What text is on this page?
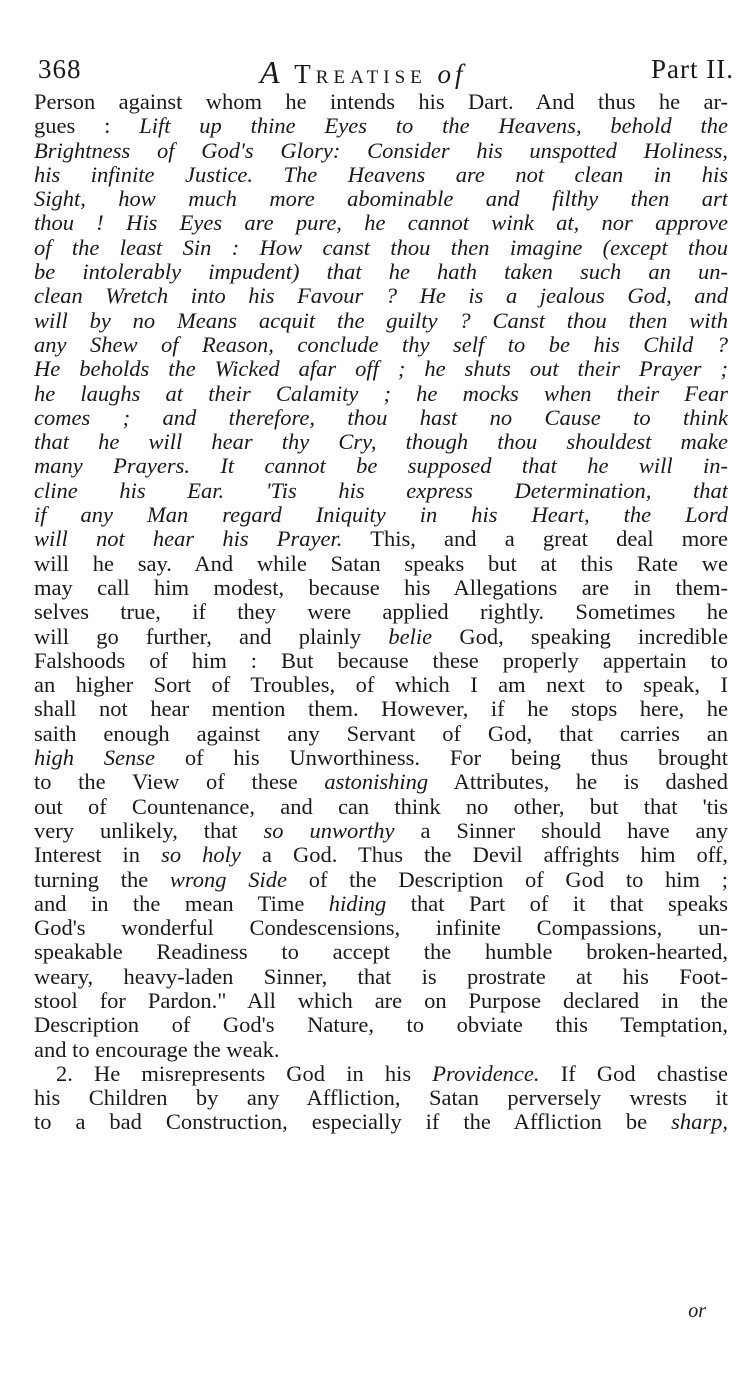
368	A Treatise of	Part II.
Person against whom he intends his Dart. And thus he ar-
gues : Lift up thine Eyes to the Heavens, behold the
Brightness of God's Glory: Consider his unspotted Holiness,
his infinite Justice. The Heavens are not clean in his
Sight, how much more abominable and filthy then art
thou ! His Eyes are pure, he cannot wink at, nor approve
of the least Sin : How canst thou then imagine (except thou
be intolerably impudent) that he hath taken such an un-
clean Wretch into his Favour ? He is a jealous God, and
will by no Means acquit the guilty ? Canst thou then with
any Shew of Reason, conclude thy self to be his Child ?
He beholds the Wicked afar off ; he shuts out their Prayer ;
he laughs at their Calamity ; he mocks when their Fear
comes ; and therefore, thou hast no Cause to think
that he will hear thy Cry, though thou shouldest make
many Prayers. It cannot be supposed that he will in-
cline his Ear. 'Tis his express Determination, that
if any Man regard Iniquity in his Heart, the Lord
will not hear his Prayer. This, and a great deal more
will he say. And while Satan speaks but at this Rate we
may call him modest, because his Allegations are in them-
selves true, if they were applied rightly. Sometimes he
will go further, and plainly belie God, speaking incredible
Falshoods of him : But because these properly appertain to
an higher Sort of Troubles, of which I am next to speak, I
shall not hear mention them. However, if he stops here, he
saith enough against any Servant of God, that carries an
high Sense of his Unworthiness. For being thus brought
to the View of these astonishing Attributes, he is dashed
out of Countenance, and can think no other, but that 'tis
very unlikely, that so unworthy a Sinner should have any
Interest in so holy a God. Thus the Devil affrights him off,
turning the wrong Side of the Description of God to him ;
and in the mean Time hiding that Part of it that speaks
God's wonderful Condescensions, infinite Compassions, un-
speakable Readiness to accept the humble broken-hearted,
weary, heavy-laden Sinner, that is prostrate at his Foot-
stool for Pardon." All which are on Purpose declared in the
Description of God's Nature, to obviate this Temptation,
and to encourage the weak.
2. He misrepresents God in his Providence. If God chastise
his Children by any Affliction, Satan perversely wrests it
to a bad Construction, especially if the Affliction be sharp,
or
